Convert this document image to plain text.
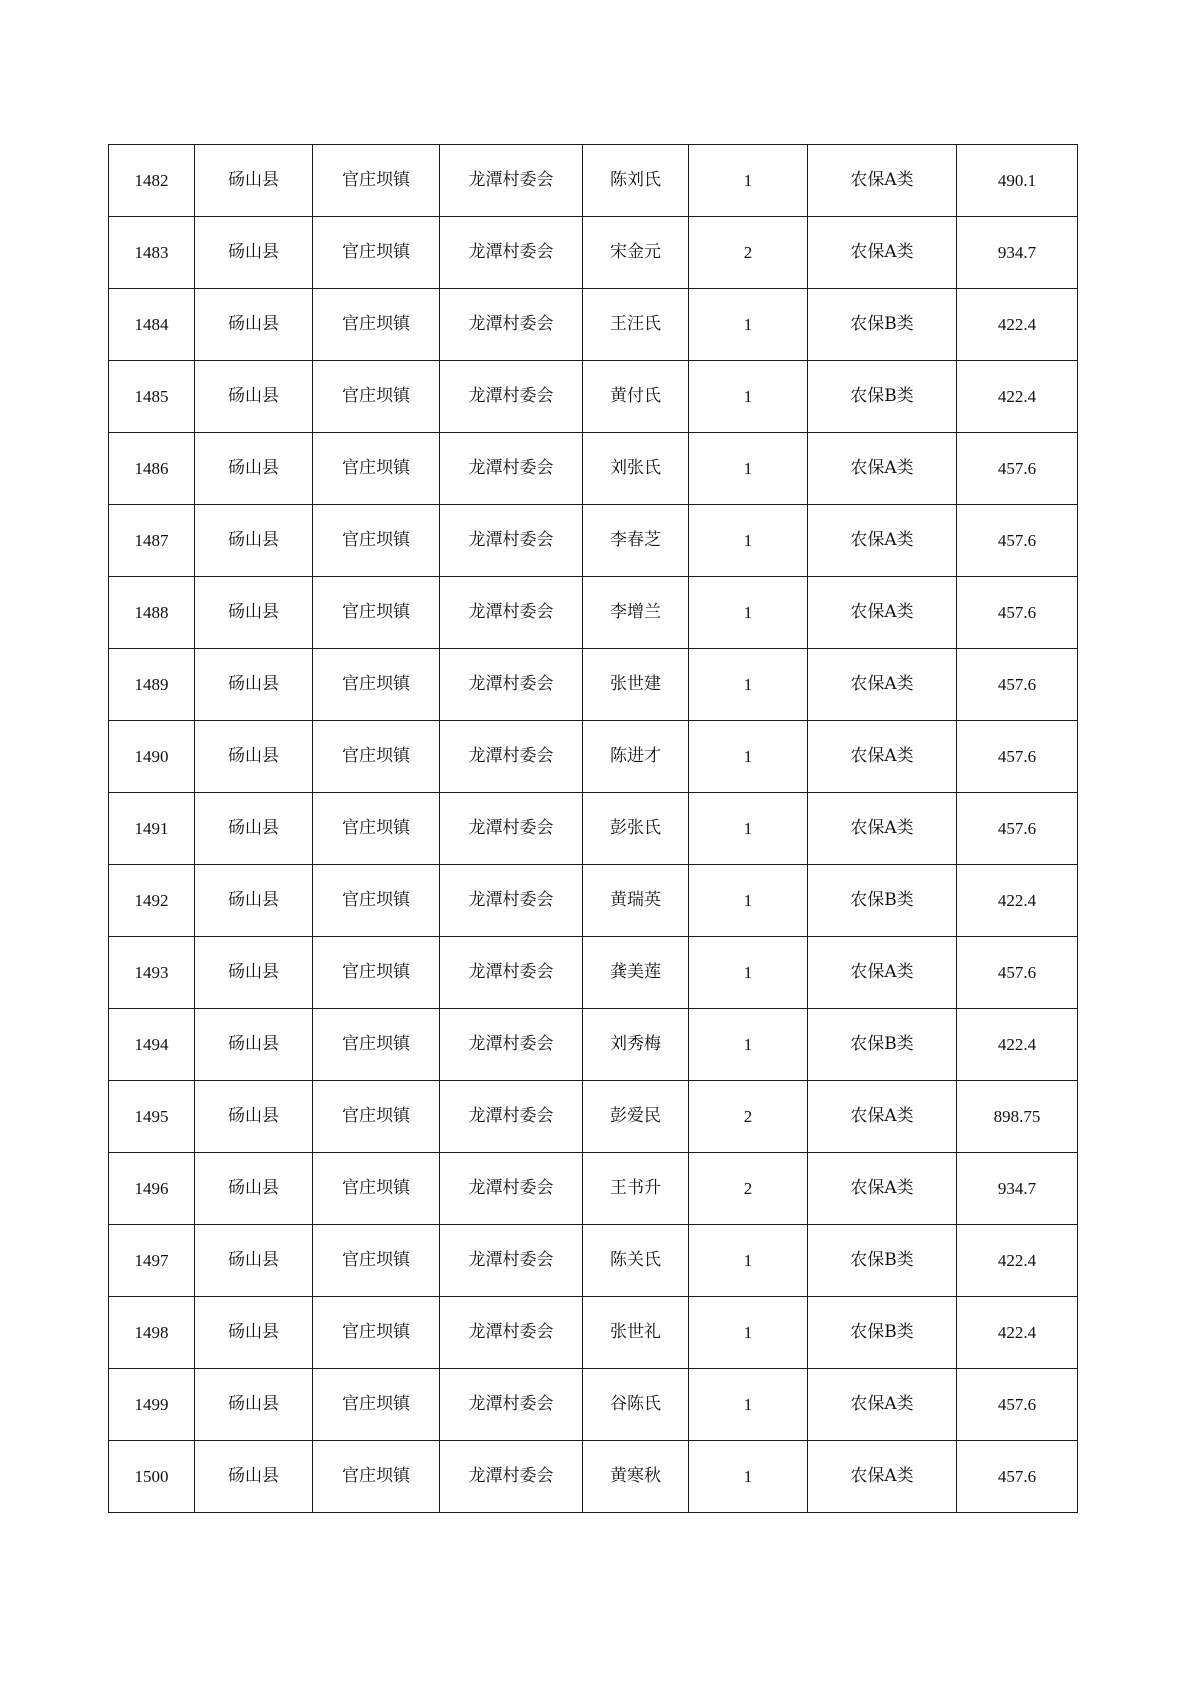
1482	砀山县	官庄坝镇	龙潭村委会	陈刘氏	1	农保A类	490.1
1483	砀山县	官庄坝镇	龙潭村委会	宋金元	2	农保A类	934.7
1484	砀山县	官庄坝镇	龙潭村委会	王汪氏	1	农保B类	422.4
1485	砀山县	官庄坝镇	龙潭村委会	黄付氏	1	农保B类	422.4
1486	砀山县	官庄坝镇	龙潭村委会	刘张氏	1	农保A类	457.6
1487	砀山县	官庄坝镇	龙潭村委会	李春芝	1	农保A类	457.6
1488	砀山县	官庄坝镇	龙潭村委会	李增兰	1	农保A类	457.6
1489	砀山县	官庄坝镇	龙潭村委会	张世建	1	农保A类	457.6
1490	砀山县	官庄坝镇	龙潭村委会	陈进才	1	农保A类	457.6
1491	砀山县	官庄坝镇	龙潭村委会	彭张氏	1	农保A类	457.6
1492	砀山县	官庄坝镇	龙潭村委会	黄瑞英	1	农保B类	422.4
1493	砀山县	官庄坝镇	龙潭村委会	龚美莲	1	农保A类	457.6
1494	砀山县	官庄坝镇	龙潭村委会	刘秀梅	1	农保B类	422.4
1495	砀山县	官庄坝镇	龙潭村委会	彭爱民	2	农保A类	898.75
1496	砀山县	官庄坝镇	龙潭村委会	王书升	2	农保A类	934.7
1497	砀山县	官庄坝镇	龙潭村委会	陈关氏	1	农保B类	422.4
1498	砀山县	官庄坝镇	龙潭村委会	张世礼	1	农保B类	422.4
1499	砀山县	官庄坝镇	龙潭村委会	谷陈氏	1	农保A类	457.6
1500	砀山县	官庄坝镇	龙潭村委会	黄寒秋	1	农保A类	457.6
